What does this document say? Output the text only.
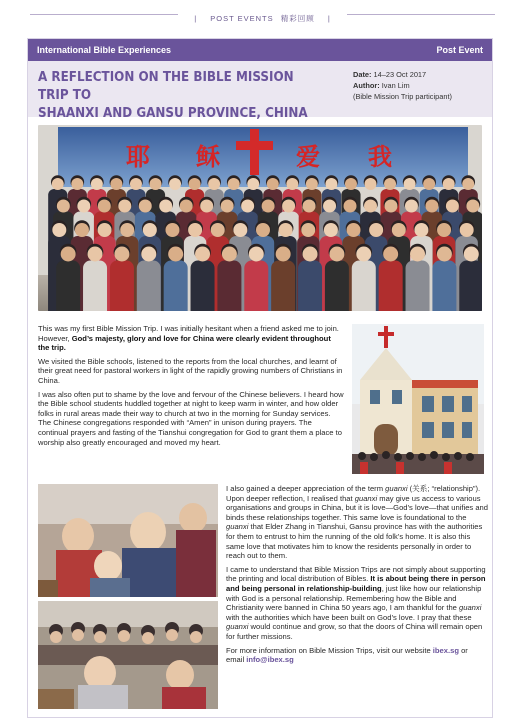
| POST EVENTS 精彩回顾 |
International Bible Experiences	Post Event
A REFLECTION ON THE BIBLE MISSION TRIP TO
SHAANXI AND GANSU PROVINCE, CHINA
Date: 14–23 Oct 2017
Author: Ivan Lim
(Bible Mission Trip participant)
耶 稣	爱 我

This was my first Bible Mission Trip. I was initially hesitant when a friend asked me to join. However, God’s majesty, glory and love for China were clearly evident throughout the trip.

We visited the Bible schools, listened to the reports from the local churches, and learnt of their great need for pastoral workers in light of the rapidly growing numbers of Christians in China.

I was also often put to shame by the love and fervour of the Chinese believers. I heard how the Bible school students huddled together at night to keep warm in winter, and how older folks in rural areas made their way to church at two in the morning for Sunday services. The Chinese congregations responded with “Amen” in unison during prayers. The continual prayers and fasting of the Tianshui congregation for God to grant them a place to worship also greatly encouraged and moved my heart.

I also gained a deeper appreciation of the term guanxi (关系; “relationship”). Upon deeper reflection, I realised that guanxi may give us access to various organisations and groups in China, but it is love—God’s love—that unifies and binds these relationships together. This same love is foundational to the guanxi that Elder Zhang in Tianshui, Gansu province has with the authorities for them to entrust to him the running of the old folk’s home. It is also this same love that motivates him to know the residents personally in order to reach out to them.

I came to understand that Bible Mission Trips are not simply about supporting the printing and local distribution of Bibles. It is about being there in person and being personal in relationship-building, just like how our relationship with God is a personal relationship. Remembering how the Bible and Christianity were banned in China 50 years ago, I am thankful for the guanxi with the authorities which have been built on God’s love. I pray that these guanxi would continue and grow, so that the doors of China will remain open for further missions.

For more information on Bible Mission Trips, visit our website ibex.sg or email info@ibex.sg
